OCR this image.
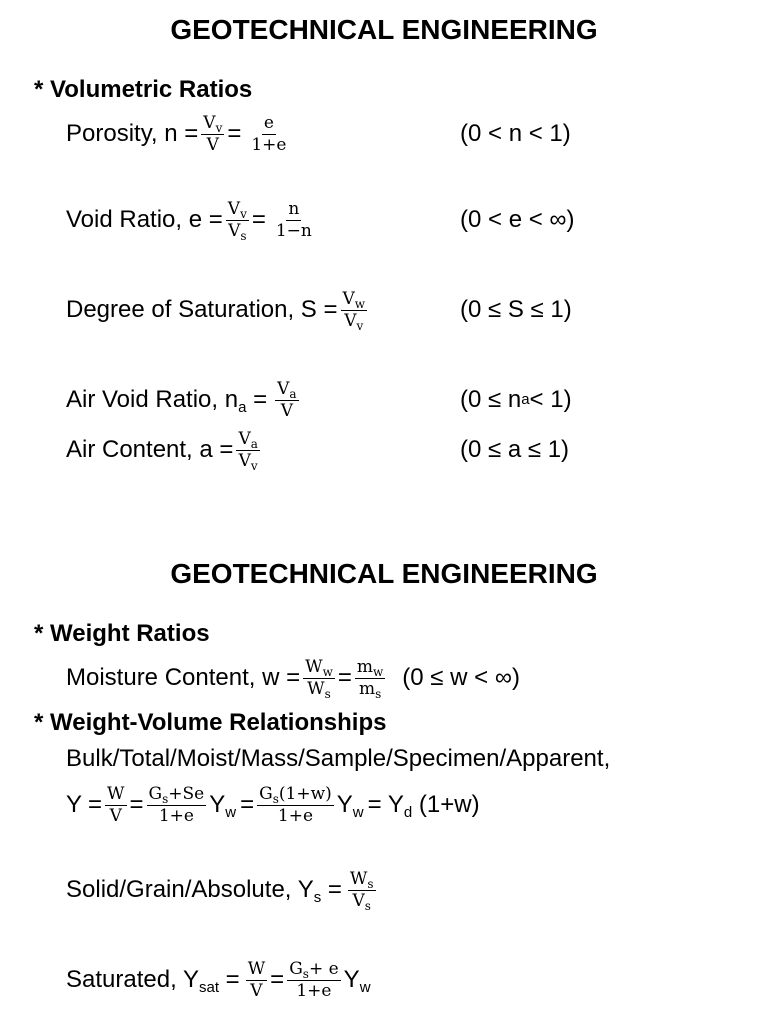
GEOTECHNICAL ENGINEERING
* Volumetric Ratios
Porosity, $n = \frac{V_v}{V} = \frac{e}{1+e}$	(0 < n < 1)
Void Ratio, $e = \frac{V_v}{V_s} = \frac{n}{1-n}$	(0 < e < ∞)
Degree of Saturation, $S = \frac{V_w}{V_v}$	(0 ≤ S ≤ 1)
Air Void Ratio, $n_a = \frac{V_a}{V}$	(0 ≤ n a < 1)
Air Content, $a = \frac{V_a}{V_v}$	(0 ≤ a ≤ 1)
GEOTECHNICAL ENGINEERING
* Weight Ratios
Moisture Content, $w = \frac{W_w}{W_s} = \frac{m_w}{m_s} (0 \le w$ < ∞)
* Weight-Volume Relationships
Bulk/Total/Moist/Mass/Sample/Specimen/Apparent,
$Y = \frac{W}{V} = \frac{G_s+Se}{1+e} Y_w = \frac{G_s(1+w)}{1+e} Y_w = Y_d$ (1+w)
Solid/Grain/Absolute, $Y_s = \frac{W_s}{V_s}$
Saturated, $Y_{sat} = \frac{W}{V} = \frac{G_s+ e}{1+e} Y_w$
